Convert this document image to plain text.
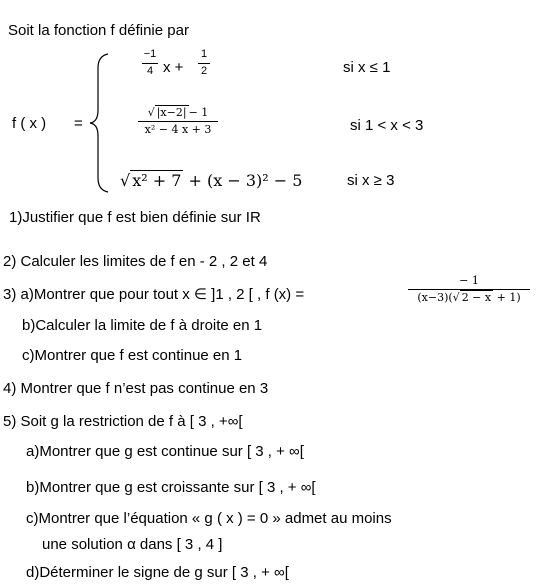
Soit la fonction f définie par
f ( x ) =
−1
4 x +
1
2	si x ≤ 1
√ |x−2| − 1
x² − 4 x + 3	si 1 < x < 3
√ x² + 7 + (x − 3)² − 5	si x ≥ 3
1)Justifier que f est bien définie sur IR
2) Calculer les limites de f en - 2 , 2 et 4
3) a)Montrer que pour tout x ∈ ]1 , 2 [ , f (x) =
− 1
(x−3)(√ 2 − x + 1)
b)Calculer la limite de f à droite en 1
c)Montrer que f est continue en 1
4) Montrer que f n’est pas continue en 3
5) Soit g la restriction de f à [ 3 , +∞[
a)Montrer que g est continue sur [ 3 , + ∞[
b)Montrer que g est croissante sur [ 3 , + ∞[
c)Montrer que l’équation « g ( x ) = 0 » admet au moins
une solution α dans [ 3 , 4 ]
d)Déterminer le signe de g sur [ 3 , + ∞[
